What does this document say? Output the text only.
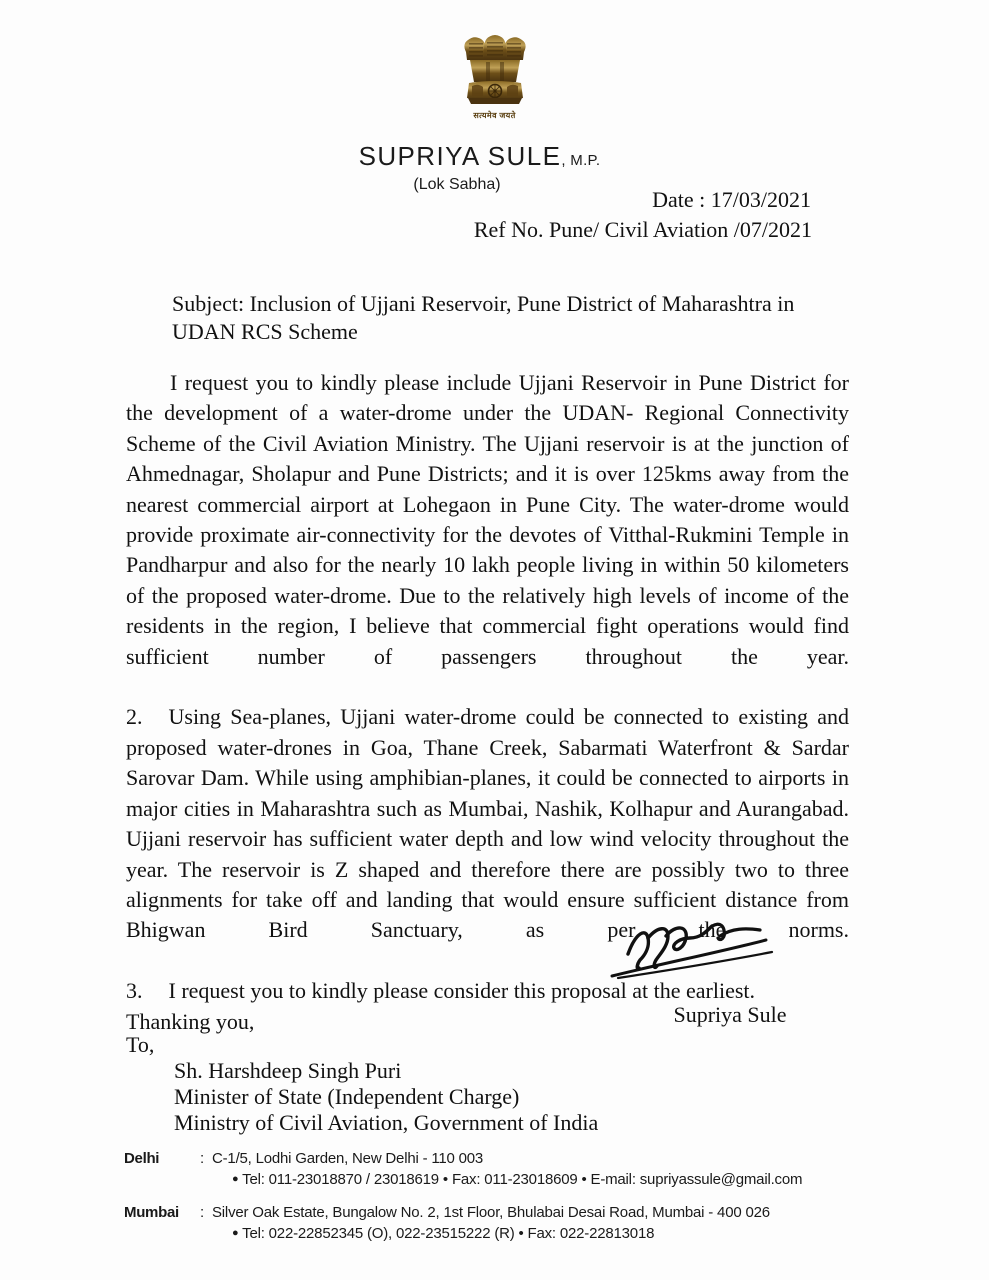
सत्यमेव जयते
SUPRIYA SULE, M.P.
(Lok Sabha)
Date : 17/03/2021
Ref No. Pune/ Civil Aviation /07/2021
Subject: Inclusion of Ujjani Reservoir, Pune District of Maharashtra in UDAN RCS Scheme

I request you to kindly please include Ujjani Reservoir in Pune District for the development of a water-drome under the UDAN- Regional Connectivity Scheme of the Civil Aviation Ministry. The Ujjani reservoir is at the junction of Ahmednagar, Sholapur and Pune Districts; and it is over 125kms away from the nearest commercial airport at Lohegaon in Pune City. The water-drome would provide proximate air-connectivity for the devotes of Vitthal-Rukmini Temple in Pandharpur and also for the nearly 10 lakh people living in within 50 kilometers of the proposed water-drome. Due to the relatively high levels of income of the residents in the region, I believe that commercial fight operations would find sufficient number of passengers throughout the year.

2. Using Sea-planes, Ujjani water-drome could be connected to existing and proposed water-drones in Goa, Thane Creek, Sabarmati Waterfront & Sardar Sarovar Dam. While using amphibian-planes, it could be connected to airports in major cities in Maharashtra such as Mumbai, Nashik, Kolhapur and Aurangabad. Ujjani reservoir has sufficient water depth and low wind velocity throughout the year. The reservoir is Z shaped and therefore there are possibly two to three alignments for take off and landing that would ensure sufficient distance from Bhigwan Bird Sanctuary, as per the norms.

3. I request you to kindly please consider this proposal at the earliest.

Thanking you,	Supriya Sule
To,
Sh. Harshdeep Singh Puri
Minister of State (Independent Charge)
Ministry of Civil Aviation, Government of India
Delhi	: C-1/5, Lodhi Garden, New Delhi - 110 003
● Tel: 011-23018870 / 23018619 • Fax: 011-23018609 • E-mail: supriyassule@gmail.com
Mumbai	: Silver Oak Estate, Bungalow No. 2, 1st Floor, Bhulabai Desai Road, Mumbai - 400 026
● Tel: 022-22852345 (O), 022-23515222 (R) • Fax: 022-22813018
